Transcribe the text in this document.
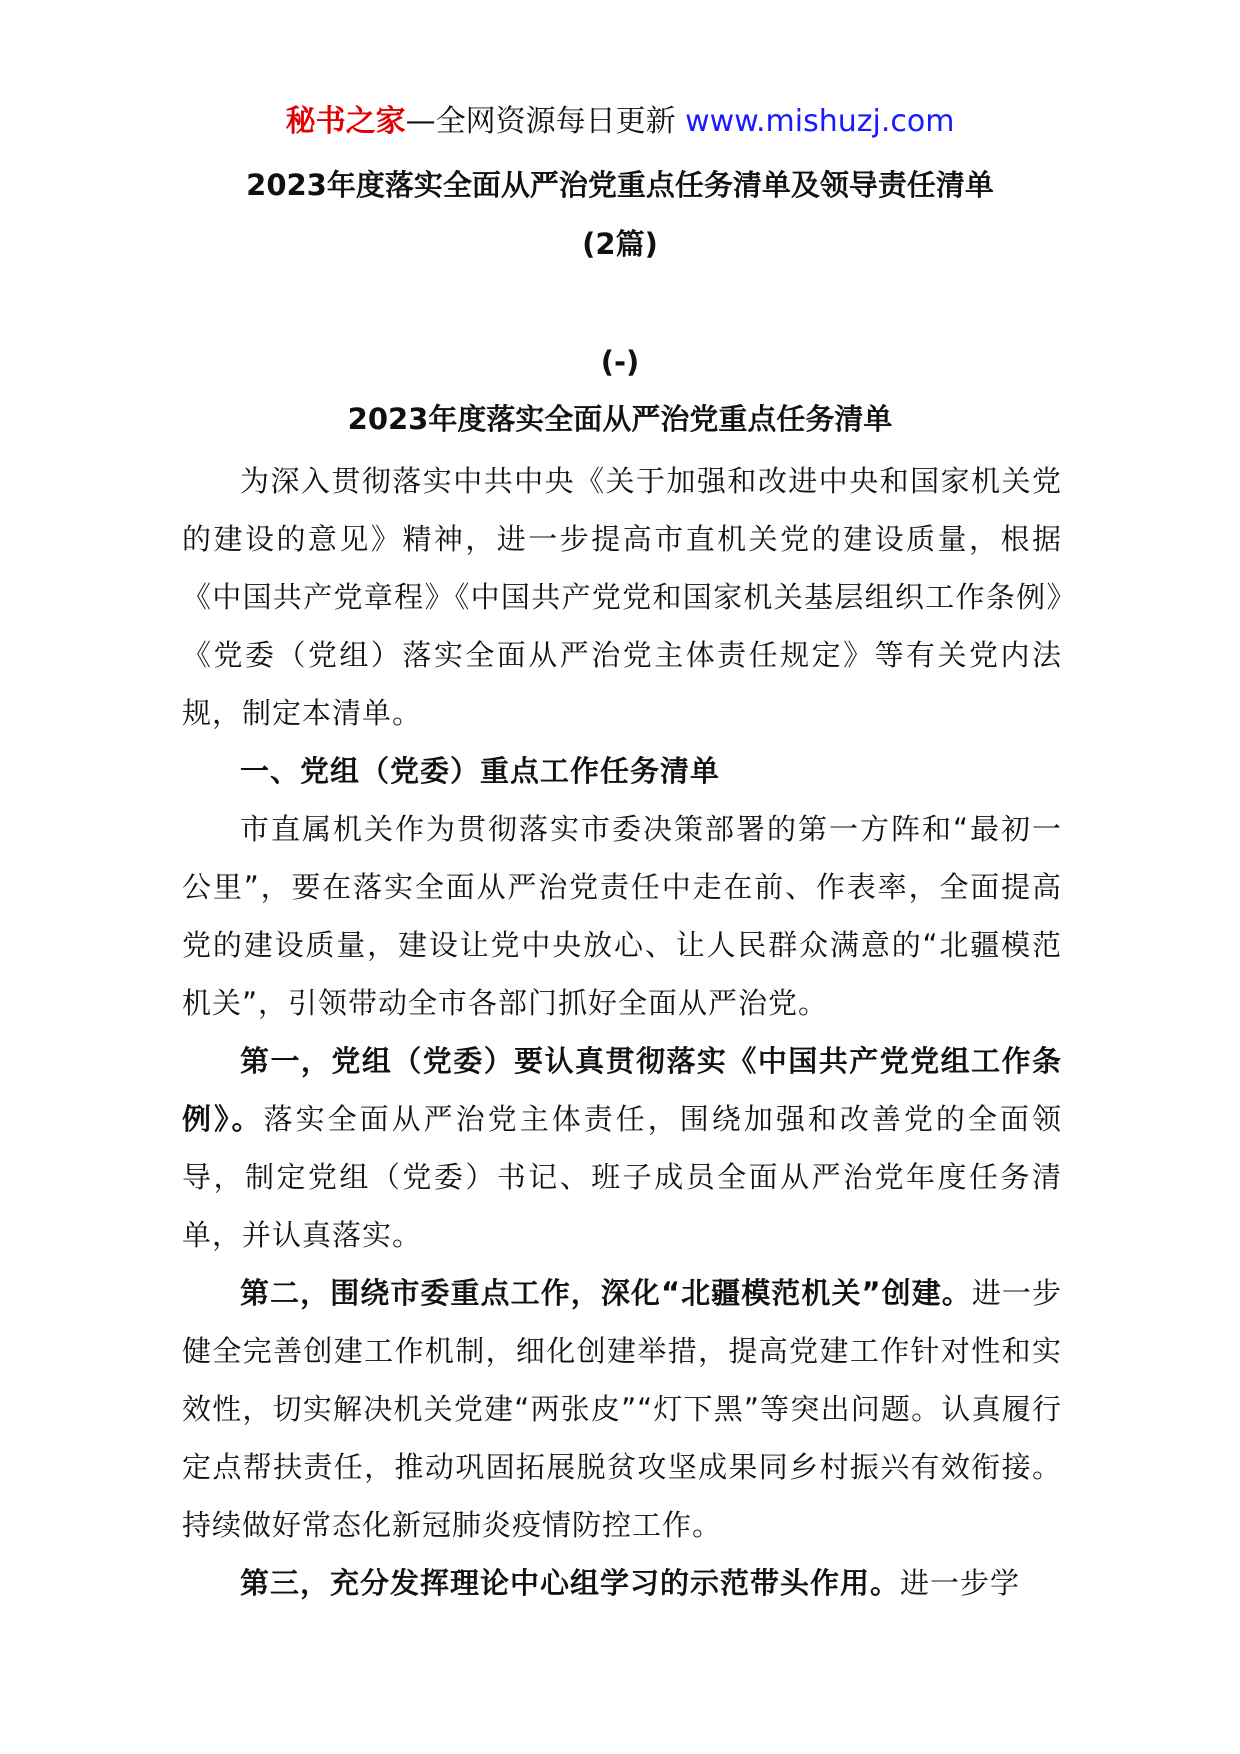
秘书之家—全网资源每日更新 www.mishuzj.com
2023年度落实全面从严治党重点任务清单及领导责任清单
(2篇)
(-)
2023年度落实全面从严治党重点任务清单

为深入贯彻落实中共中央《关于加强和改进中央和国家机关党的建设的意见》精神，进一步提高市直机关党的建设质量，根据《中国共产党章程》《中国共产党党和国家机关基层组织工作条例》《党委（党组）落实全面从严治党主体责任规定》等有关党内法规，制定本清单。

一、党组（党委）重点工作任务清单

市直属机关作为贯彻落实市委决策部署的第一方阵和“最初一公里”，要在落实全面从严治党责任中走在前、作表率，全面提高党的建设质量，建设让党中央放心、让人民群众满意的“北疆模范机关”，引领带动全市各部门抓好全面从严治党。

第一，党组（党委）要认真贯彻落实《中国共产党党组工作条例》。落实全面从严治党主体责任，围绕加强和改善党的全面领导，制定党组（党委）书记、班子成员全面从严治党年度任务清单，并认真落实。

第二，围绕市委重点工作，深化“北疆模范机关”创建。进一步健全完善创建工作机制，细化创建举措，提高党建工作针对性和实效性，切实解决机关党建“两张皮”“灯下黑”等突出问题。认真履行定点帮扶责任，推动巩固拓展脱贫攻坚成果同乡村振兴有效衔接。持续做好常态化新冠肺炎疫情防控工作。

第三，充分发挥理论中心组学习的示范带头作用。进一步学
